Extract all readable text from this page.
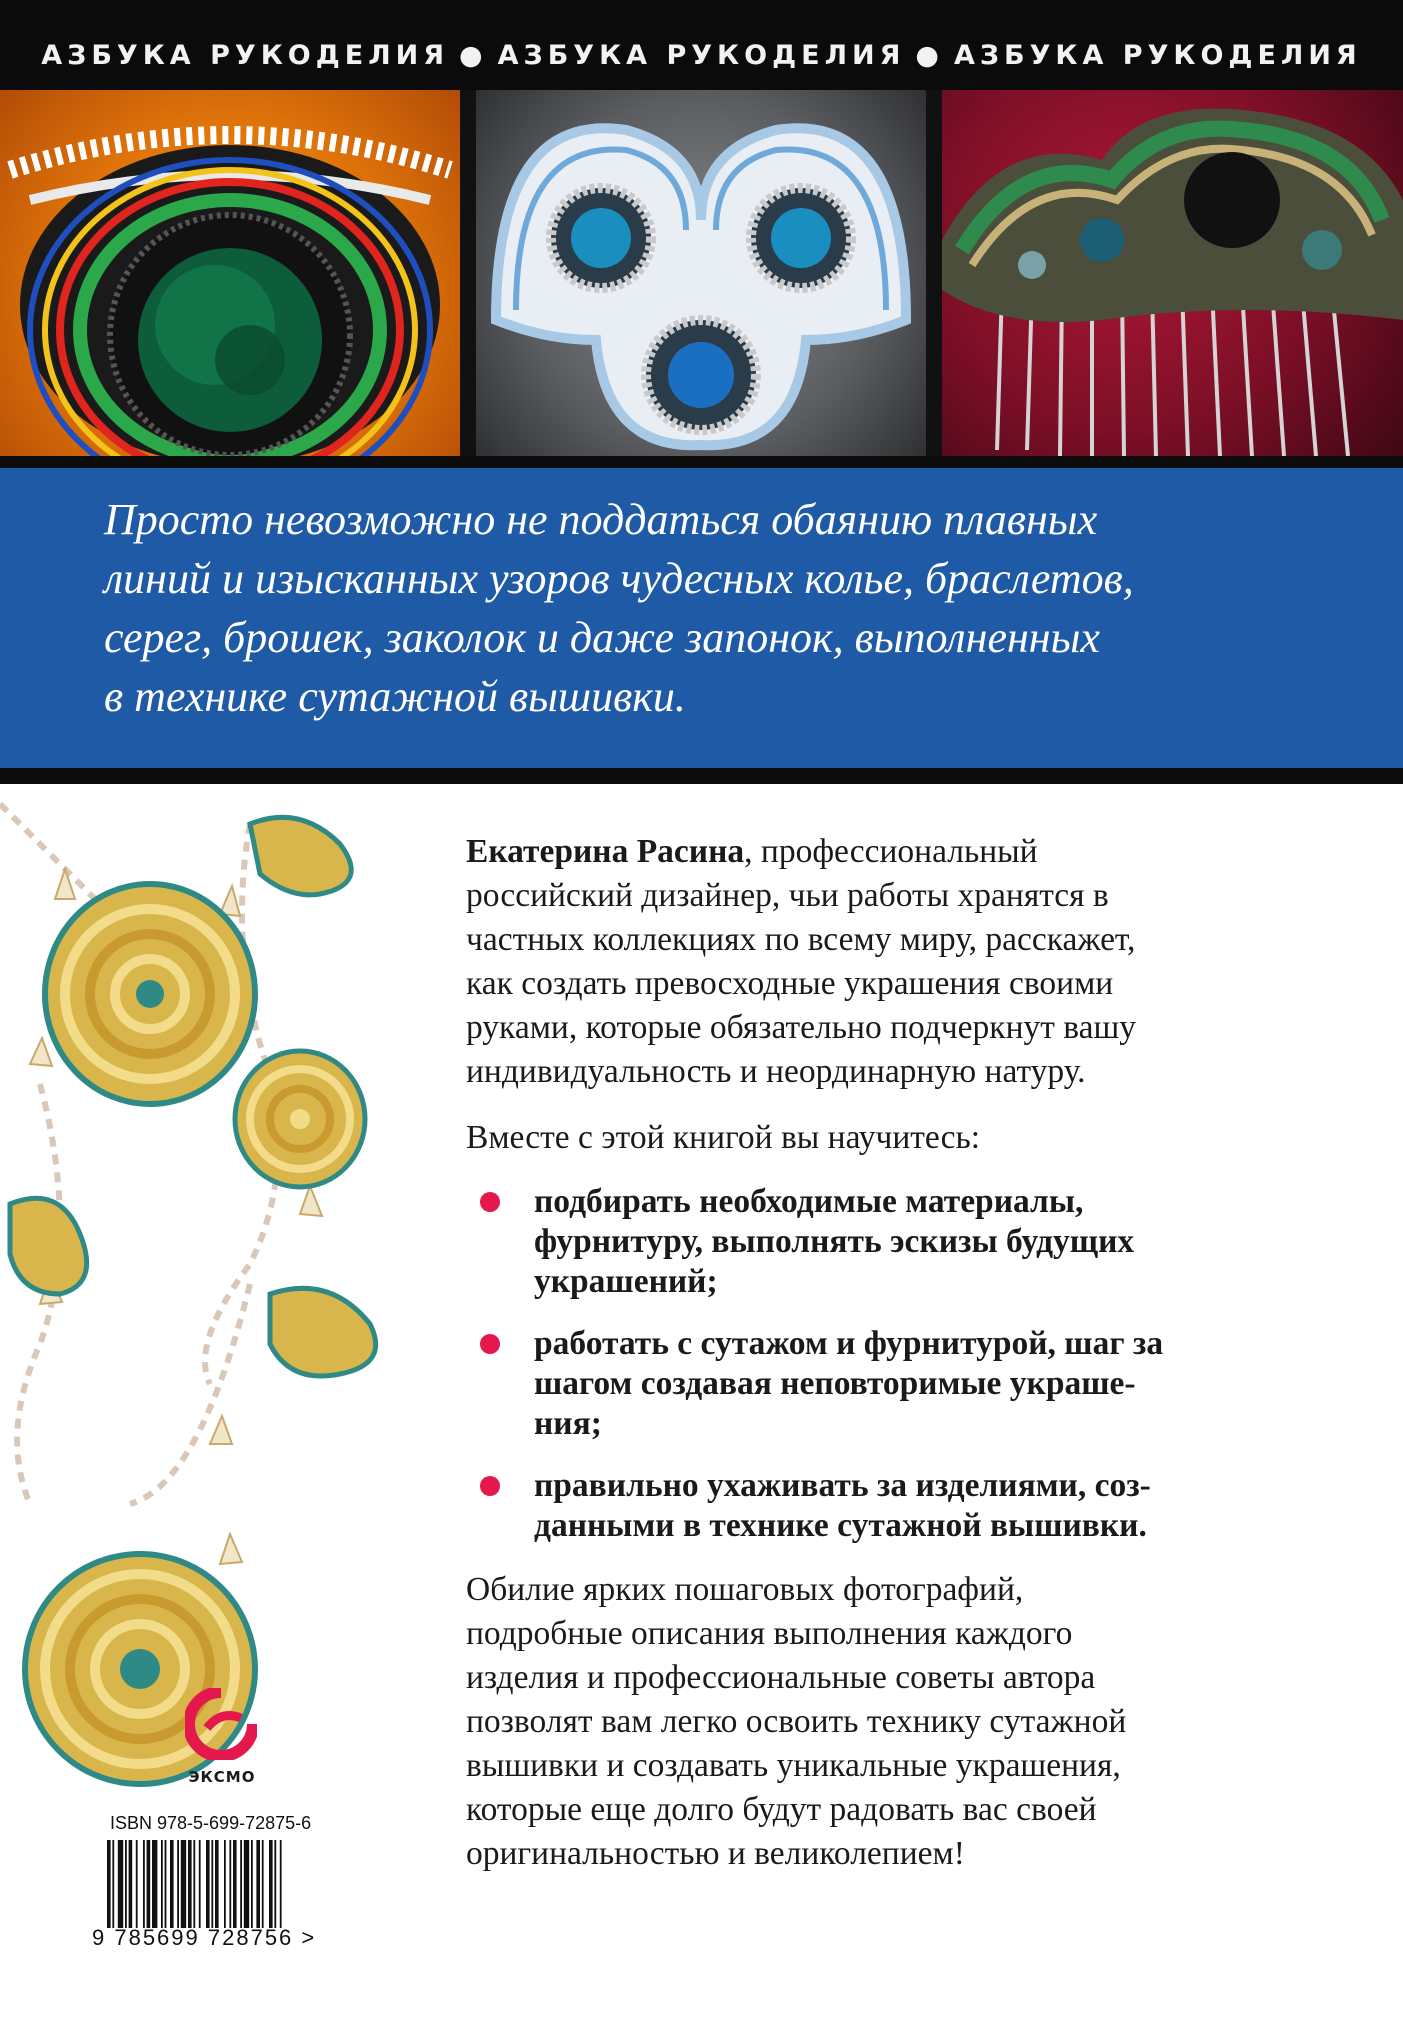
АЗБУКА РУКОДЕЛИЯ ● АЗБУКА РУКОДЕЛИЯ ● АЗБУКА РУКОДЕЛИЯ

Просто невозможно не поддаться обаянию плавных

линий и изысканных узоров чудесных колье, браслетов,

серег, брошек, заколок и даже запонок, выполненных

в технике сутажной вышивки.

Екатерина Расина, профессиональный

российский дизайнер, чьи работы хранятся в

частных коллекциях по всему миру, расскажет,

как создать превосходные украшения своими

руками, которые обязательно подчеркнут вашу

индивидуальность и неординарную натуру.

Вместе с этой книгой вы научитесь:

подбирать необходимые материалы,
фурнитуру, выполнять эскизы будущих
украшений;
работать с сутажом и фурнитурой, шаг за
шагом создавая неповторимые украше-
ния;
правильно ухаживать за изделиями, соз-
данными в технике сутажной вышивки.

Обилие ярких пошаговых фотографий,

подробные описания выполнения каждого

изделия и профессиональные советы автора

позволят вам легко освоить технику сутажной

вышивки и создавать уникальные украшения,

которые еще долго будут радовать вас своей

оригинальностью и великолепием!

ЭКСМО
ISBN 978-5-699-72875-6
9 785699 728756 >
